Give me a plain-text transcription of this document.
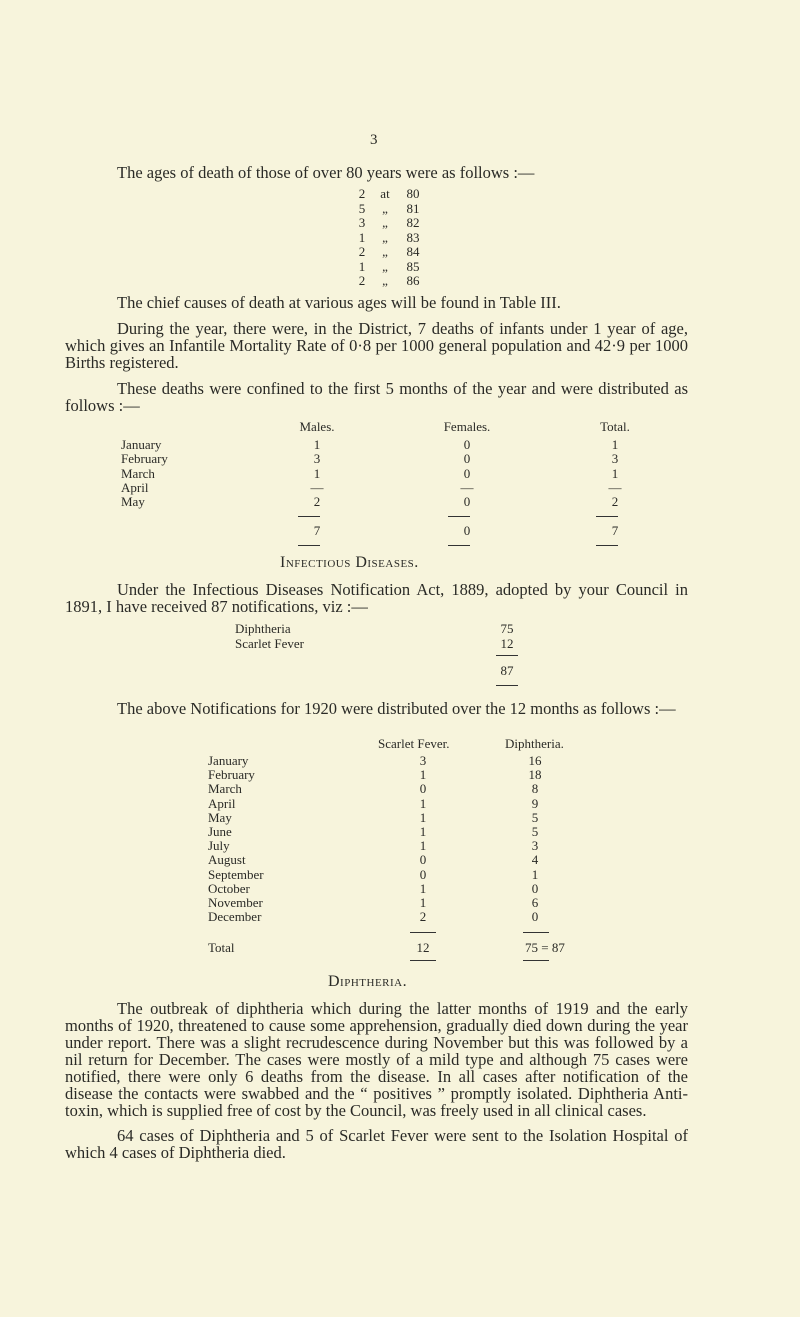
3
The ages of death of those of over 80 years were as follows :—
2	at	80
5	„	81
3	„	82
1	„	83
2	„	84
1	„	85
2	„	86
The chief causes of death at various ages will be found in Table III.
During the year, there were, in the District, 7 deaths of infants under 1 year of age, which gives an Infantile Mortality Rate of 0·8 per 1000 general population and 42·9 per 1000 Births registered.
These deaths were confined to the first 5 months of the year and were distributed as follows :—
Males.	Females.	Total.
January	1	0	1
February	3	0	3
March	1	0	1
April	—	—	—
May	2	0	2
7	0	7
Infectious Diseases.
Under the Infectious Diseases Notification Act, 1889, adopted by your Council in 1891, I have received 87 notifications, viz :—
Diphtheria	75
Scarlet Fever	12
87
The above Notifications for 1920 were distributed over the 12 months as follows :—
Scarlet Fever.	Diphtheria.
January	3	16
February	1	18
March	0	8
April	1	9
May	1	5
June	1	5
July	1	3
August	0	4
September	0	1
October	1	0
November	1	6
December	2	0
Total	12	75 = 87
Diphtheria.
The outbreak of diphtheria which during the latter months of 1919 and the early months of 1920, threatened to cause some apprehension, gradually died down during the year under report. There was a slight recrudescence during November but this was followed by a nil return for December. The cases were mostly of a mild type and although 75 cases were notified, there were only 6 deaths from the disease. In all cases after notification of the disease the contacts were swabbed and the “ positives ” promptly isolated. Diphtheria Anti-toxin, which is supplied free of cost by the Council, was freely used in all clinical cases.
64 cases of Diphtheria and 5 of Scarlet Fever were sent to the Isolation Hospital of which 4 cases of Diphtheria died.
